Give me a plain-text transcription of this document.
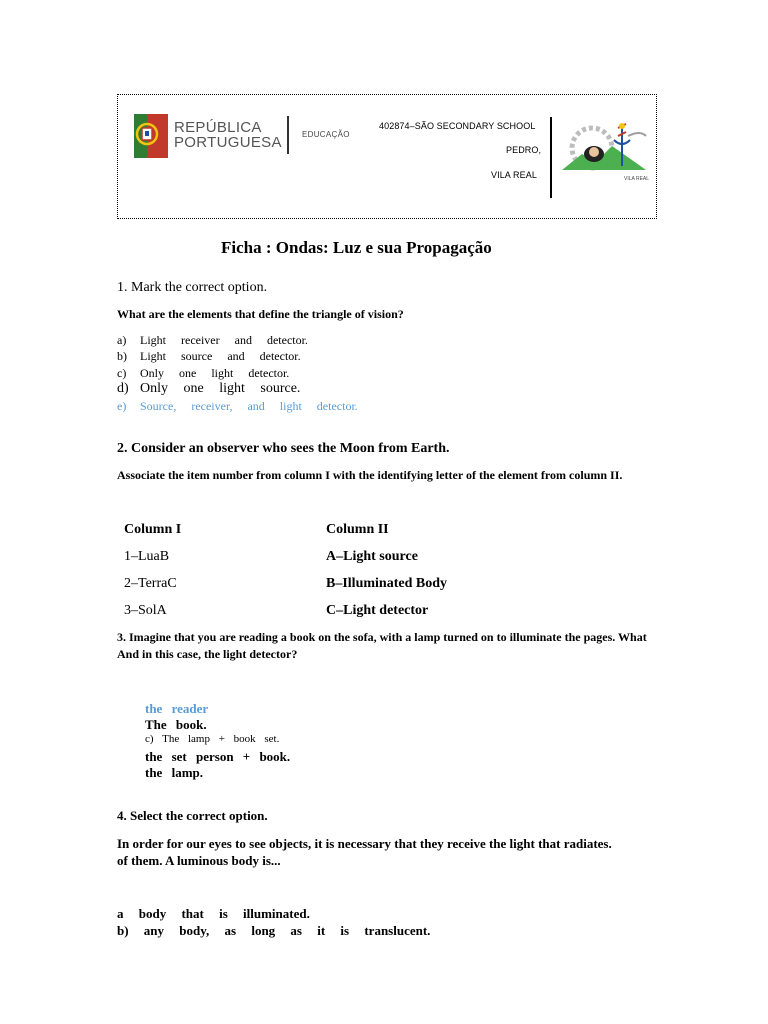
REPÚBLICA
PORTUGUESA	EDUCAÇÃO
402874–SÃO SECONDARY SCHOOL
PEDRO,
VILA REAL	VILA REAL
Ficha : Ondas: Luz e sua Propagação
1. Mark the correct option.
What are the elements that define the triangle of vision?
a) Light receiver and detector.
b) Light source and detector.
c) Only one light detector.
d) Only one light source.
e) Source, receiver, and light detector.
2. Consider an observer who sees the Moon from Earth.
Associate the item number from column I with the identifying letter of the element from column II.
Column I	Column II
1–LuaB	A–Light source
2–TerraC	B–Illuminated Body
3–SolA	C–Light detector
3. Imagine that you are reading a book on the sofa, with a lamp turned on to illuminate the pages. What
And in this case, the light detector?
the reader
The book.
c) The lamp + book set.
the set person + book.
the lamp.
4. Select the correct option.
In order for our eyes to see objects, it is necessary that they receive the light that radiates.
of them. A luminous body is...
a body that is illuminated.
b) any body, as long as it is translucent.
